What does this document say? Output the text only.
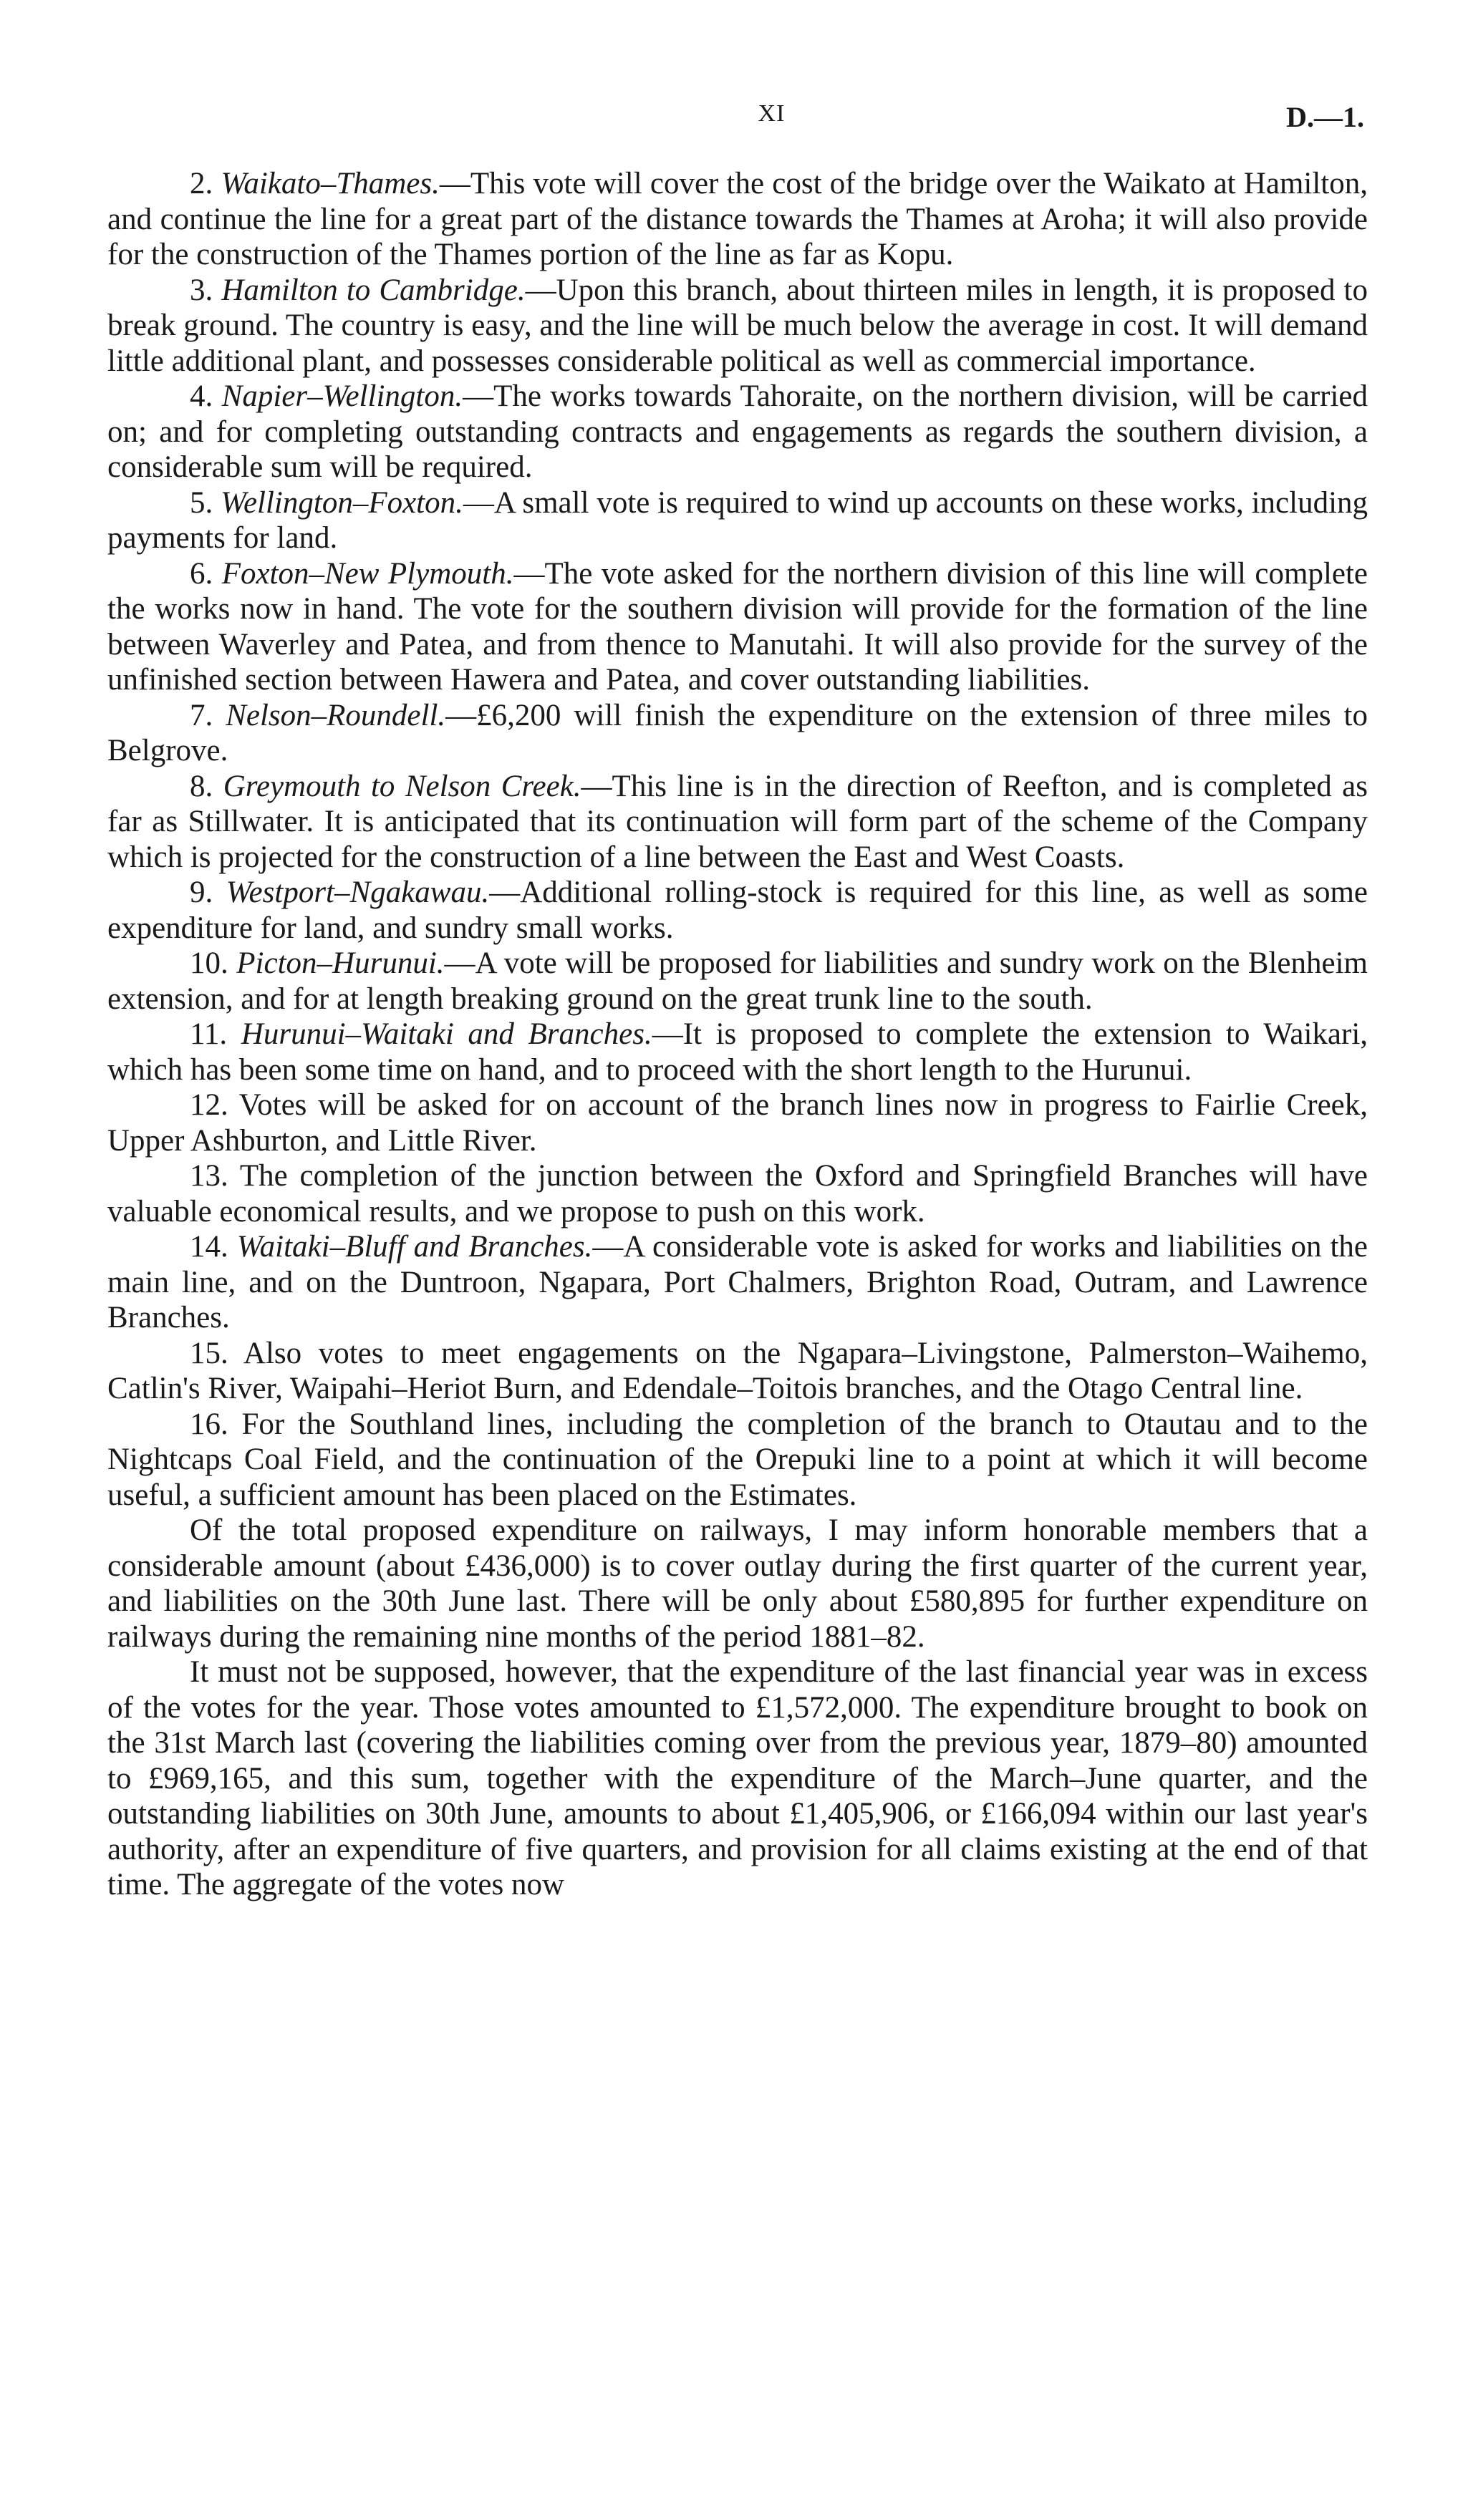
XI	D.—1.

2. Waikato–Thames.—This vote will cover the cost of the bridge over the Waikato at Hamilton, and continue the line for a great part of the distance towards the Thames at Aroha; it will also provide for the construction of the Thames portion of the line as far as Kopu.

3. Hamilton to Cambridge.—Upon this branch, about thirteen miles in length, it is proposed to break ground. The country is easy, and the line will be much below the average in cost. It will demand little additional plant, and possesses considerable political as well as commercial importance.

4. Napier–Wellington.—The works towards Tahoraite, on the northern division, will be carried on; and for completing outstanding contracts and engagements as regards the southern division, a considerable sum will be required.

5. Wellington–Foxton.—A small vote is required to wind up accounts on these works, including payments for land.

6. Foxton–New Plymouth.—The vote asked for the northern division of this line will complete the works now in hand. The vote for the southern division will provide for the formation of the line between Waverley and Patea, and from thence to Manutahi. It will also provide for the survey of the unfinished section between Hawera and Patea, and cover outstanding liabilities.

7. Nelson–Roundell.—£6,200 will finish the expenditure on the extension of three miles to Belgrove.

8. Greymouth to Nelson Creek.—This line is in the direction of Reefton, and is completed as far as Stillwater. It is anticipated that its continuation will form part of the scheme of the Company which is projected for the construction of a line between the East and West Coasts.

9. Westport–Ngakawau.—Additional rolling-stock is required for this line, as well as some expenditure for land, and sundry small works.

10. Picton–Hurunui.—A vote will be proposed for liabilities and sundry work on the Blenheim extension, and for at length breaking ground on the great trunk line to the south.

11. Hurunui–Waitaki and Branches.—It is proposed to complete the extension to Waikari, which has been some time on hand, and to proceed with the short length to the Hurunui.

12. Votes will be asked for on account of the branch lines now in progress to Fairlie Creek, Upper Ashburton, and Little River.

13. The completion of the junction between the Oxford and Springfield Branches will have valuable economical results, and we propose to push on this work.

14. Waitaki–Bluff and Branches.—A considerable vote is asked for works and liabilities on the main line, and on the Duntroon, Ngapara, Port Chalmers, Brighton Road, Outram, and Lawrence Branches.

15. Also votes to meet engagements on the Ngapara–Livingstone, Palmerston–Waihemo, Catlin's River, Waipahi–Heriot Burn, and Edendale–Toitois branches, and the Otago Central line.

16. For the Southland lines, including the completion of the branch to Otautau and to the Nightcaps Coal Field, and the continuation of the Orepuki line to a point at which it will become useful, a sufficient amount has been placed on the Estimates.

Of the total proposed expenditure on railways, I may inform honorable members that a considerable amount (about £436,000) is to cover outlay during the first quarter of the current year, and liabilities on the 30th June last. There will be only about £580,895 for further expenditure on railways during the remaining nine months of the period 1881–82.

It must not be supposed, however, that the expenditure of the last financial year was in excess of the votes for the year. Those votes amounted to £1,572,000. The expenditure brought to book on the 31st March last (covering the liabilities coming over from the previous year, 1879–80) amounted to £969,165, and this sum, together with the expenditure of the March–June quarter, and the outstanding liabilities on 30th June, amounts to about £1,405,906, or £166,094 within our last year's authority, after an expenditure of five quarters, and provision for all claims existing at the end of that time. The aggregate of the votes now
